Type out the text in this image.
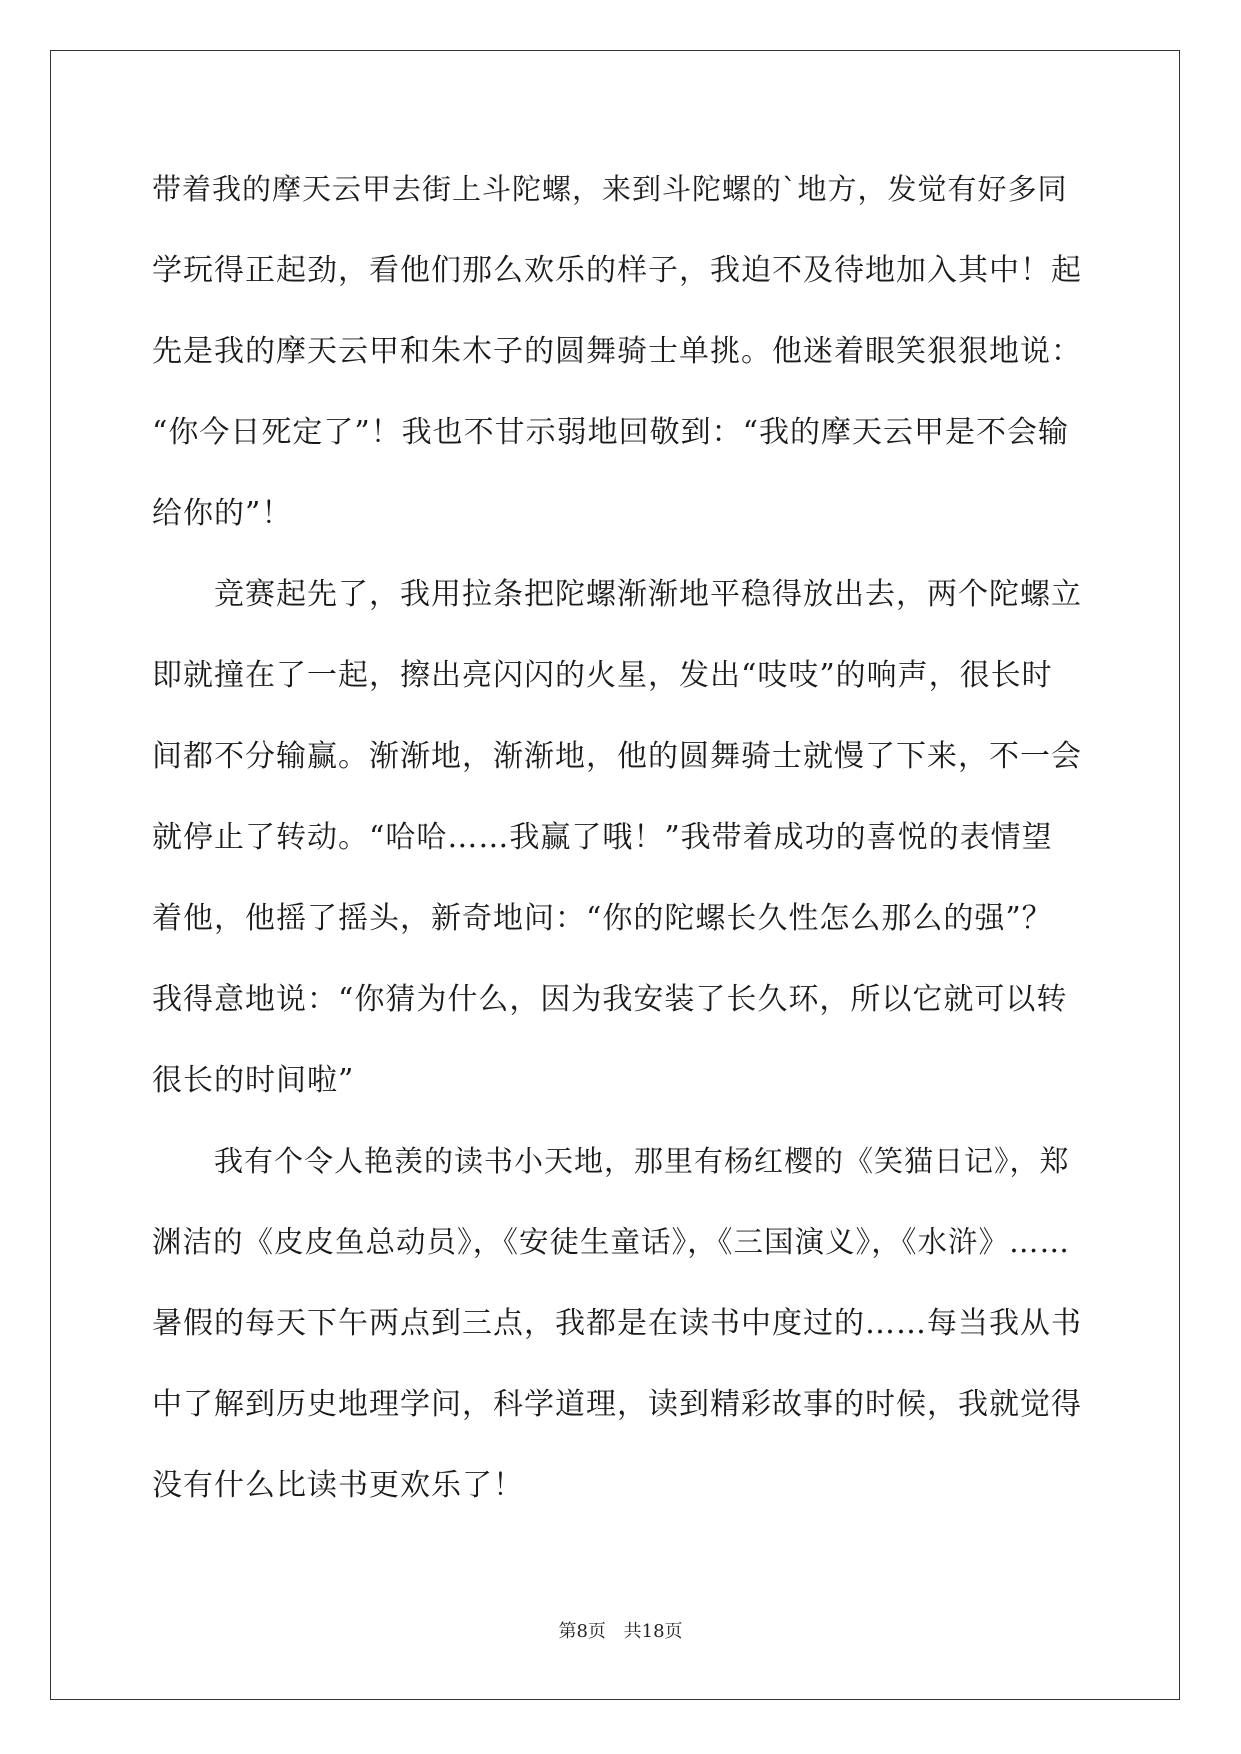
带着我的摩天云甲去街上斗陀螺，来到斗陀螺的`地方，发觉有好多同
学玩得正起劲，看他们那么欢乐的样子，我迫不及待地加入其中！起
先是我的摩天云甲和朱木子的圆舞骑士单挑。他迷着眼笑狠狠地说：
“你今日死定了”！我也不甘示弱地回敬到：“我的摩天云甲是不会输
给你的”！

竞赛起先了，我用拉条把陀螺渐渐地平稳得放出去，两个陀螺立
即就撞在了一起，擦出亮闪闪的火星，发出“吱吱”的响声，很长时
间都不分输赢。渐渐地，渐渐地，他的圆舞骑士就慢了下来，不一会
就停止了转动。“哈哈……我赢了哦！”我带着成功的喜悦的表情望
着他，他摇了摇头，新奇地问：“你的陀螺长久性怎么那么的强”？
我得意地说：“你猜为什么，因为我安装了长久环，所以它就可以转
很长的时间啦”

我有个令人艳羡的读书小天地，那里有杨红樱的《笑猫日记》，郑
渊洁的《皮皮鱼总动员》，《安徒生童话》，《三国演义》，《水浒》……
暑假的每天下午两点到三点，我都是在读书中度过的……每当我从书
中了解到历史地理学问，科学道理，读到精彩故事的时候，我就觉得
没有什么比读书更欢乐了！

第8页 共18页
